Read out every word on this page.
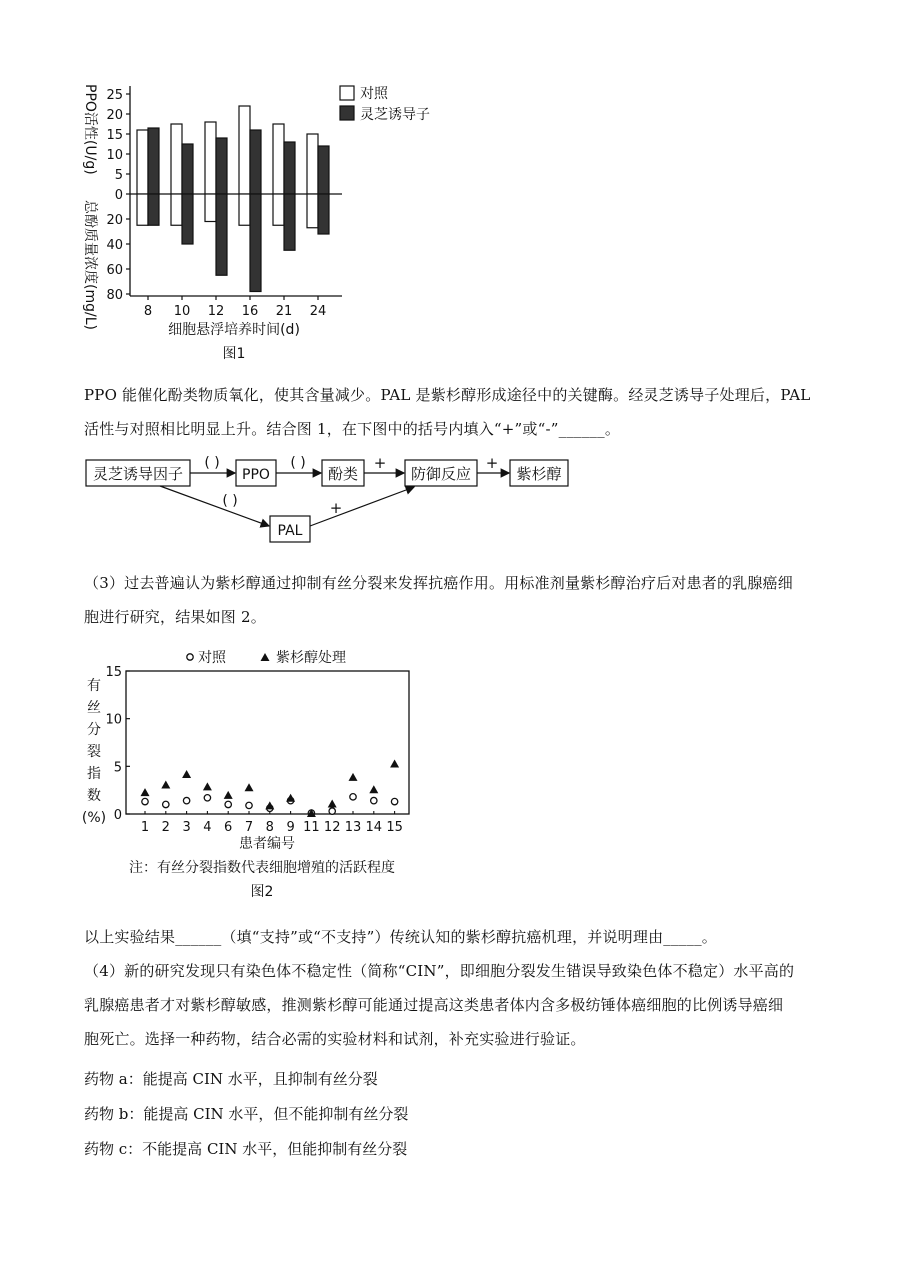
PPO活性(U/g)
总酚质量浓度(mg/L)
25
20
15
10
5
0
20
40
60
80
8 10 12 16 21 24
对照
灵芝诱导子
细胞悬浮培养时间(d)
图1

PPO 能催化酚类物质氧化，使其含量减少。PAL 是紫杉醇形成途径中的关键酶。经灵芝诱导子处理后，PAL

活性与对照相比明显上升。结合图 1，在下图中的括号内填入“+”或“-”______。

灵芝诱导因子	PPO	酚类	防御反应	紫杉醇
PAL
( )	( )	+	+
( )	+

（3）过去普遍认为紫杉醇通过抑制有丝分裂来发挥抗癌作用。用标准剂量紫杉醇治疗后对患者的乳腺癌细

胞进行研究，结果如图 2。

对照	紫杉醇处理
有
丝
分
裂
指
数
(%) 0
5
10
15
1 2 3 4 6 7 8 9 11 12 13 14 15
患者编号
注：有丝分裂指数代表细胞增殖的活跃程度
图2

以上实验结果______（填“支持”或“不支持”）传统认知的紫杉醇抗癌机理，并说明理由_____。

（4）新的研究发现只有染色体不稳定性（简称“CIN”，即细胞分裂发生错误导致染色体不稳定）水平高的

乳腺癌患者才对紫杉醇敏感，推测紫杉醇可能通过提高这类患者体内含多极纺锤体癌细胞的比例诱导癌细

胞死亡。选择一种药物，结合必需的实验材料和试剂，补充实验进行验证。

药物 a：能提高 CIN 水平，且抑制有丝分裂
药物 b：能提高 CIN 水平，但不能抑制有丝分裂
药物 c：不能提高 CIN 水平，但能抑制有丝分裂
